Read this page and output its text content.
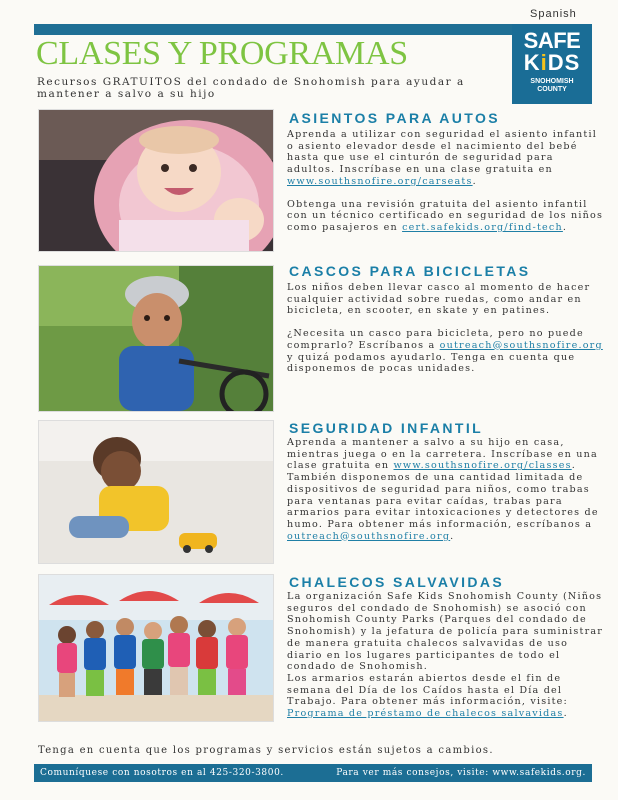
Spanish
SAFE
KiDS
SNOHOMISH
COUNTY
CLASES Y PROGRAMAS
Recursos GRATUITOS del condado de Snohomish para ayudar a mantener a salvo a su hijo
ASIENTOS PARA AUTOS

Aprenda a utilizar con seguridad el asiento infantil o asiento elevador desde el nacimiento del bebé hasta que use el cinturón de seguridad para adultos. Inscríbase en una clase gratuita en www.southsnofire.org/carseats.

Obtenga una revisión gratuita del asiento infantil con un técnico certificado en seguridad de los niños como pasajeros en cert.safekids.org/find-tech.

CASCOS PARA BICICLETAS

Los niños deben llevar casco al momento de hacer cualquier actividad sobre ruedas, como andar en bicicleta, en scooter, en skate y en patines.

¿Necesita un casco para bicicleta, pero no puede comprarlo? Escríbanos a outreach@southsnofire.org y quizá podamos ayudarlo. Tenga en cuenta que disponemos de pocas unidades.

SEGURIDAD INFANTIL

Aprenda a mantener a salvo a su hijo en casa, mientras juega o en la carretera. Inscríbase en una clase gratuita en www.southsnofire.org/classes.

También disponemos de una cantidad limitada de dispositivos de seguridad para niños, como trabas para ventanas para evitar caídas, trabas para armarios para evitar intoxicaciones y detectores de humo. Para obtener más información, escríbanos a outreach@southsnofire.org.

CHALECOS SALVAVIDAS

La organización Safe Kids Snohomish County (Niños seguros del condado de Snohomish) se asoció con Snohomish County Parks (Parques del condado de Snohomish) y la jefatura de policía para suministrar de manera gratuita chalecos salvavidas de uso diario en los lugares participantes de todo el condado de Snohomish.

Los armarios estarán abiertos desde el fin de semana del Día de los Caídos hasta el Día del Trabajo. Para obtener más información, visite: Programa de préstamo de chalecos salvavidas.

Tenga en cuenta que los programas y servicios están sujetos a cambios.
Comuníquese con nosotros en al 425-320-3800.	Para ver más consejos, visite: www.safekids.org.
